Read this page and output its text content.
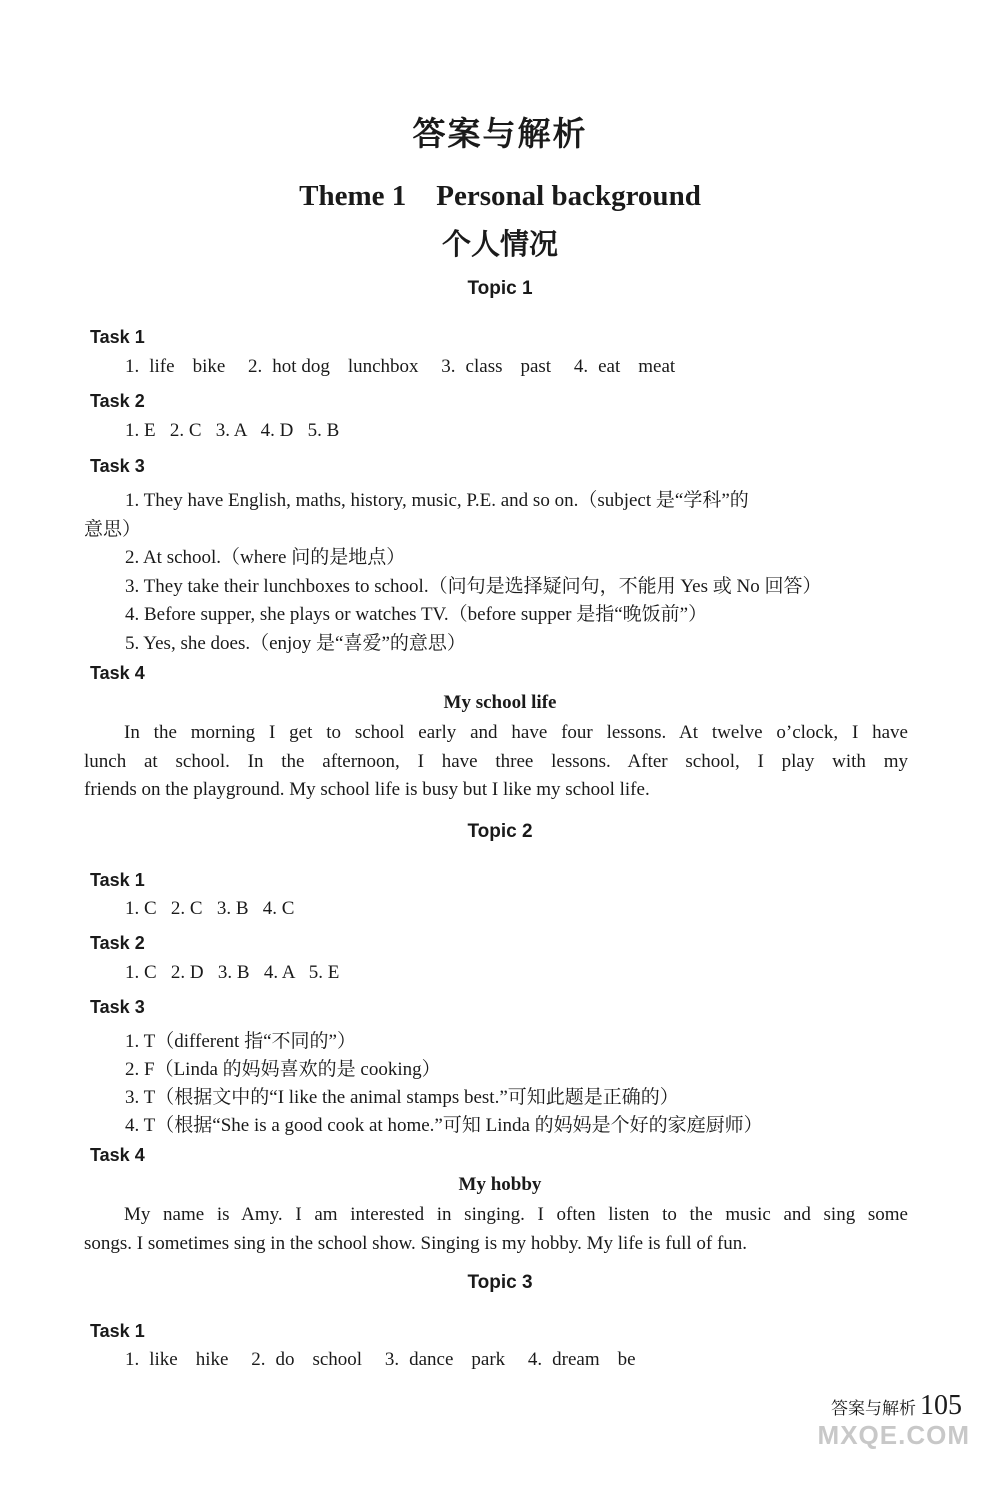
答案与解析
Theme 1 Personal background
个人情况
Topic 1
Task 1
1. life bike 2. hot dog lunchbox 3. class past 4. eat meat
Task 2
1. E   2. C   3. A   4. D   5. B
Task 3
1. They have English, maths, history, music, P.E. and so on.（subject 是“学科”的
意思）
2. At school.（where 问的是地点）
3. They take their lunchboxes to school.（问句是选择疑问句，不能用 Yes 或 No 回答）
4. Before supper, she plays or watches TV.（before supper 是指“晚饭前”）
5. Yes, she does.（enjoy 是“喜爱”的意思）
Task 4
My school life
In the morning I get to school early and have four lessons. At twelve o’clock, I have
lunch at school. In the afternoon, I have three lessons. After school, I play with my
friends on the playground. My school life is busy but I like my school life.
Topic 2
Task 1
1. C   2. C   3. B   4. C
Task 2
1. C   2. D   3. B   4. A   5. E
Task 3
1. T（different 指“不同的”）
2. F（Linda 的妈妈喜欢的是 cooking）
3. T（根据文中的“I like the animal stamps best.”可知此题是正确的）
4. T（根据“She is a good cook at home.”可知 Linda 的妈妈是个好的家庭厨师）
Task 4
My hobby
My name is Amy. I am interested in singing. I often listen to the music and sing some
songs. I sometimes sing in the school show. Singing is my hobby. My life is full of fun.
Topic 3
Task 1
1. like hike 2. do school 3. dance park 4. dream be
答案与解析 105
MXQE.COM
